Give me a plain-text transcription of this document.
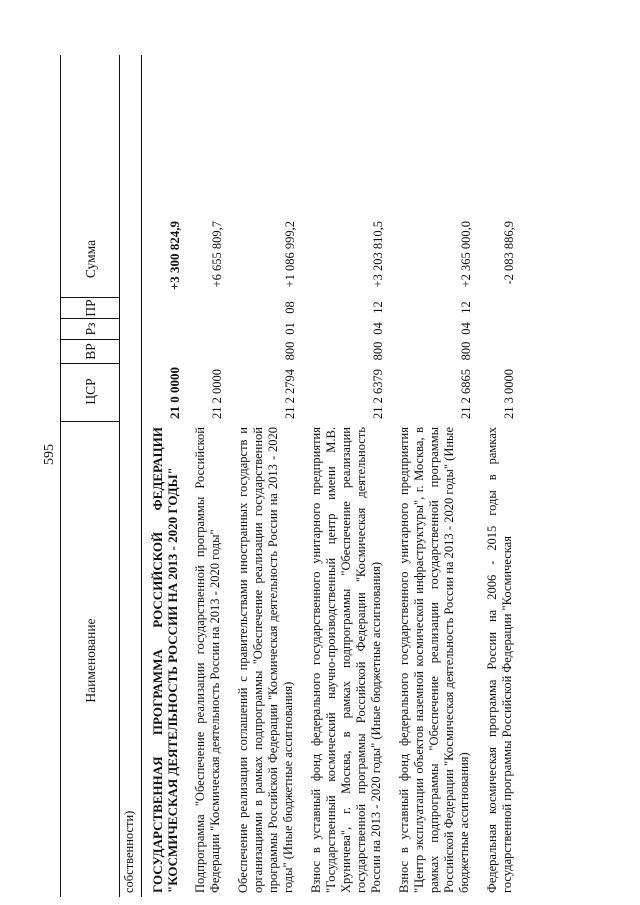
595
Наименование
ЦСР
ВР
Рз
ПР
Сумма
собственности)	ГОСУДАРСТВЕННАЯ ПРОГРАММА РОССИЙСКОЙ ФЕДЕРАЦИИ "КОСМИЧЕСКАЯ ДЕЯТЕЛЬНОСТЬ РОССИИ НА 2013 - 2020 ГОДЫ"
21 0 0000
+3 300 824,9
Подпрограмма "Обеспечение реализации государственной программы Российской Федерации "Космическая деятельность России на 2013 - 2020 годы"
21 2 0000
+6 655 809,7
Обеспечение реализации соглашений с правительствами иностранных государств и организациями в рамках подпрограммы "Обеспечение реализации государственной программы Российской Федерации "Космическая деятельность России на 2013 - 2020 годы" (Иные бюджетные ассигнования)
21 2 2794
800
01
08
+1 086 999,2
Взнос в уставный фонд федерального государственного унитарного предприятия "Государственный космический научно-производственный центр имени М.В. Хруничева", г. Москва, в рамках подпрограммы "Обеспечение реализации государственной программы Российской Федерации "Космическая деятельность России на 2013 - 2020 годы" (Иные бюджетные ассигнования)
21 2 6379
800
04
12
+3 203 810,5
Взнос в уставный фонд федерального государственного унитарного предприятия "Центр эксплуатации объектов наземной космической инфраструктуры", г. Москва, в рамках подпрограммы "Обеспечение реализации государственной программы Российской Федерации "Космическая деятельность России на 2013 - 2020 годы" (Иные бюджетные ассигнования)
21 2 6865
800
04
12
+2 365 000,0
Федеральная космическая программа России на 2006 - 2015 годы в рамках государственной программы Российской Федерации "Космическая
21 3 0000
-2 083 886,9
